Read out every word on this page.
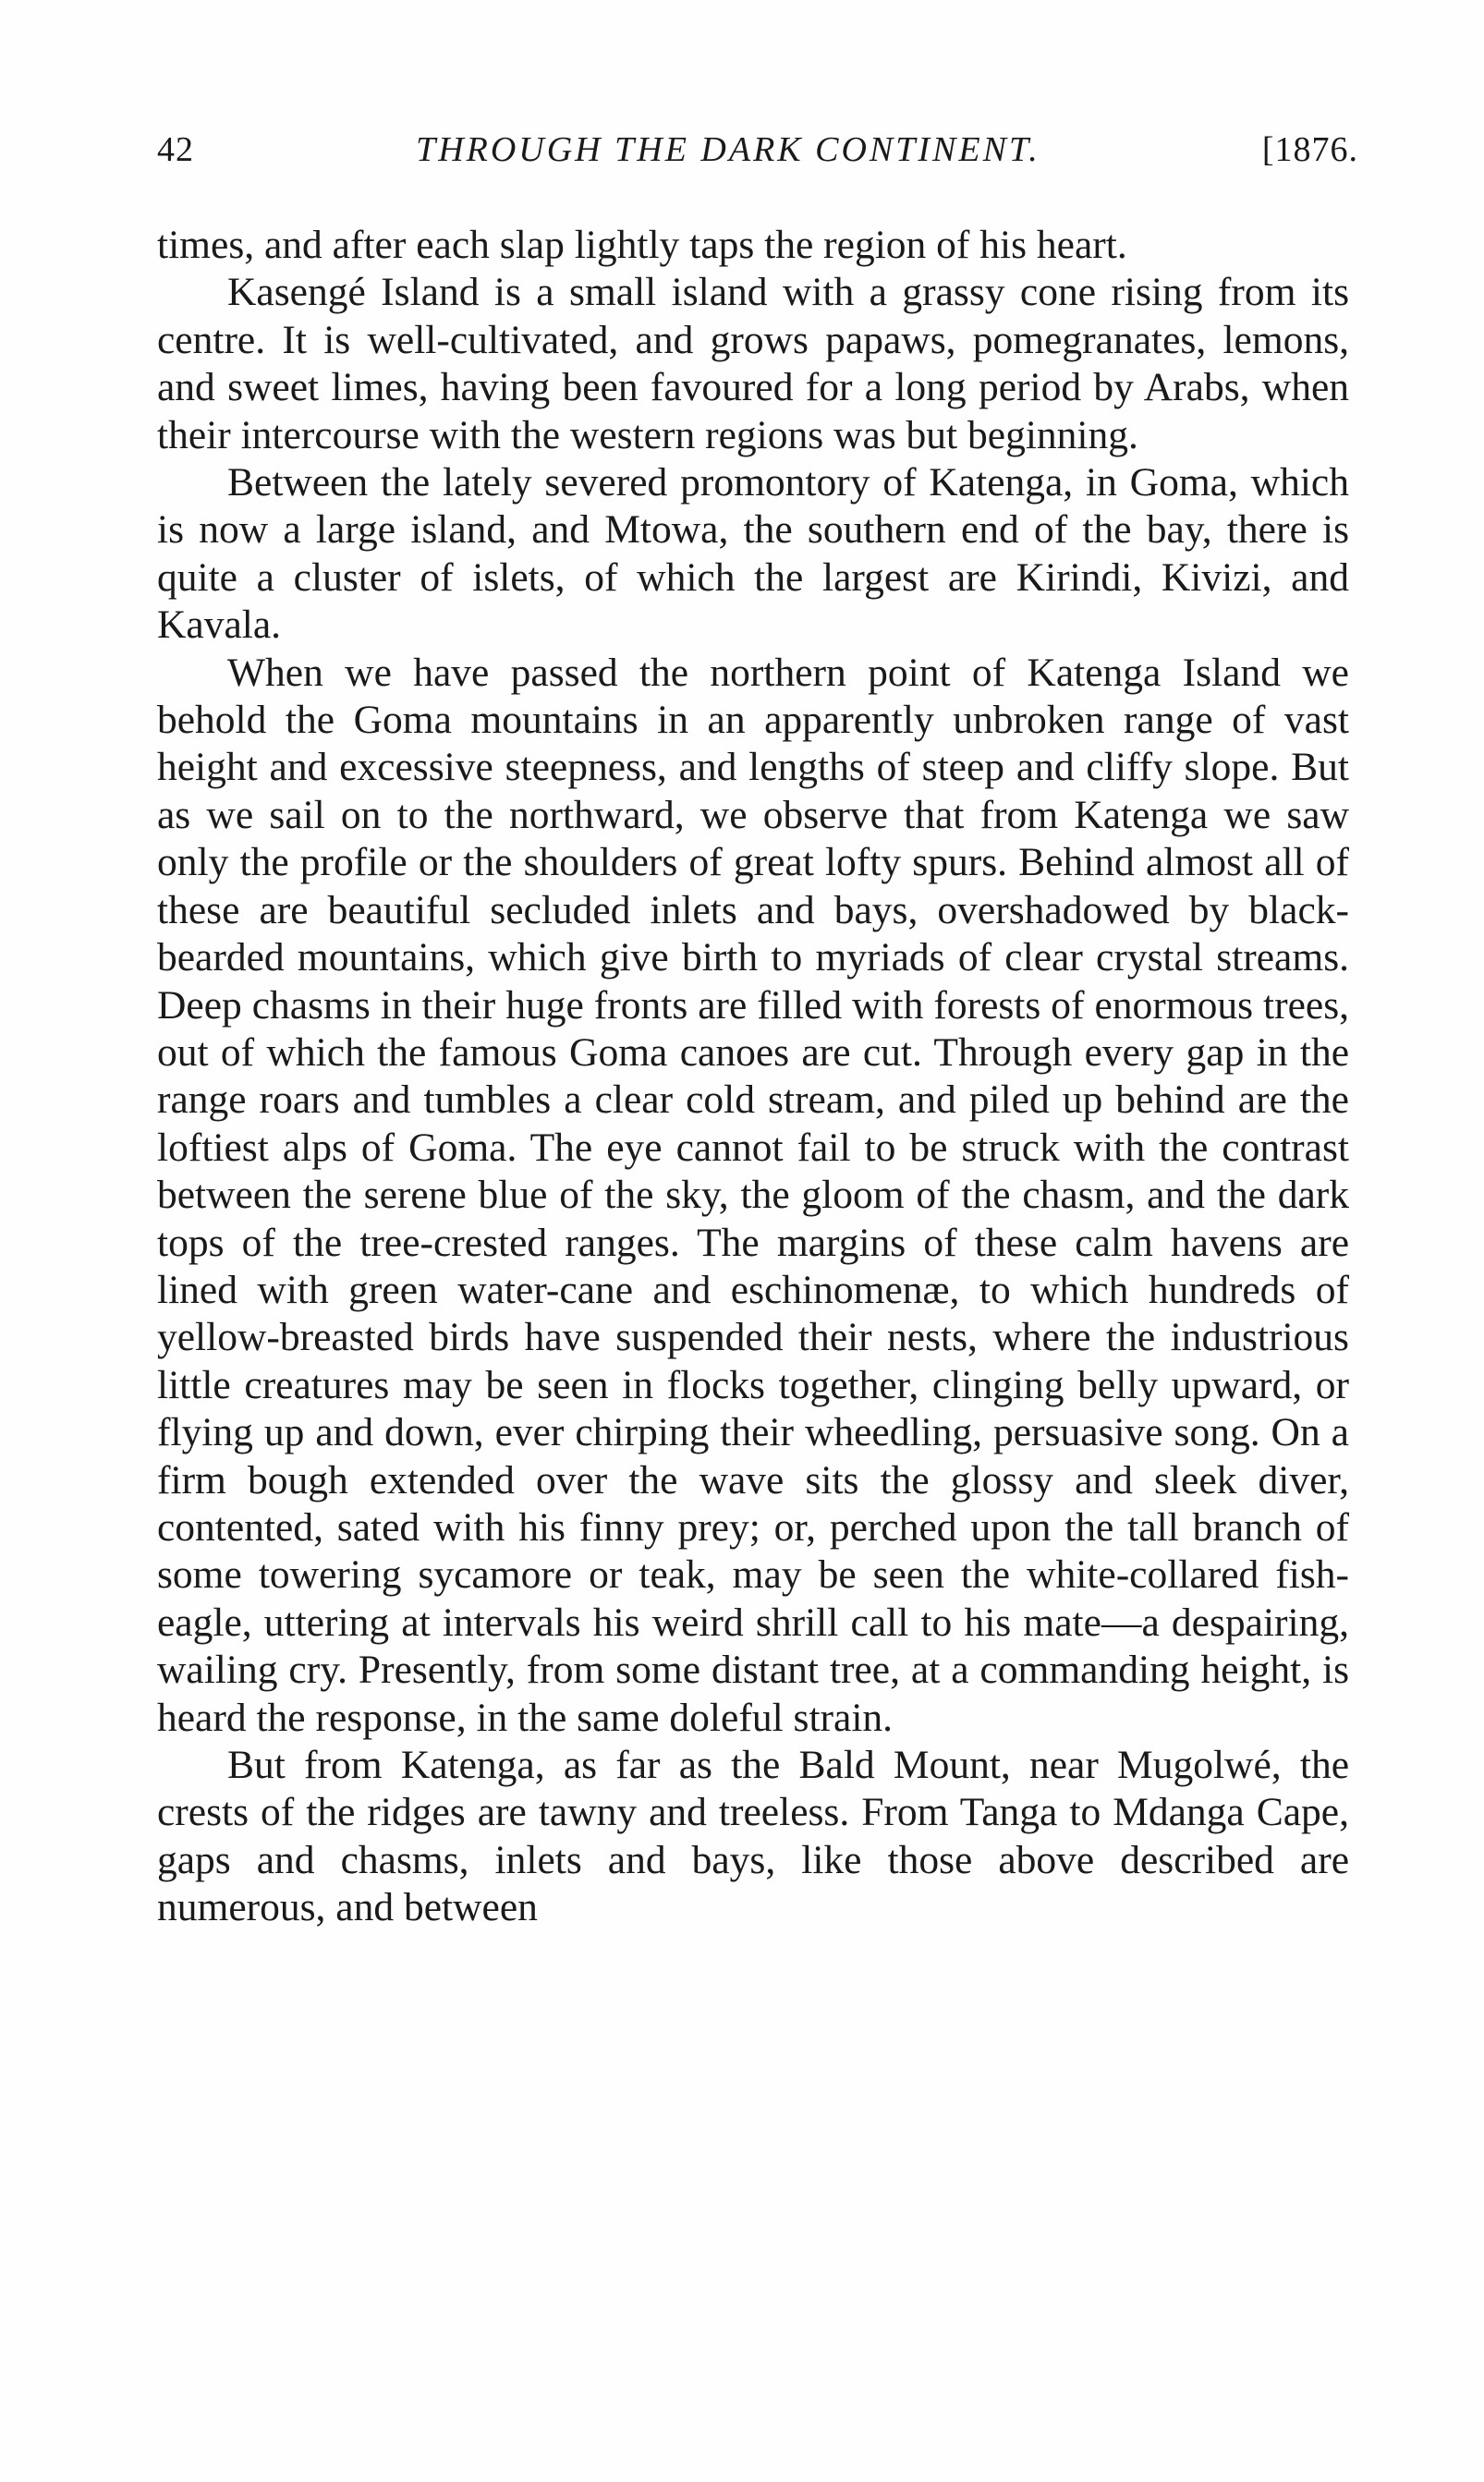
42	THROUGH THE DARK CONTINENT.	[1876.

times, and after each slap lightly taps the region of his heart.

Kasengé Island is a small island with a grassy cone rising from its centre. It is well-cultivated, and grows papaws, pomegranates, lemons, and sweet limes, having been favoured for a long period by Arabs, when their intercourse with the western regions was but beginning.

Between the lately severed promontory of Katenga, in Goma, which is now a large island, and Mtowa, the southern end of the bay, there is quite a cluster of islets, of which the largest are Kirindi, Kivizi, and Kavala.

When we have passed the northern point of Katenga Island we behold the Goma mountains in an apparently unbroken range of vast height and excessive steepness, and lengths of steep and cliffy slope. But as we sail on to the northward, we observe that from Katenga we saw only the profile or the shoulders of great lofty spurs. Behind almost all of these are beautiful secluded inlets and bays, overshadowed by black-bearded mountains, which give birth to myriads of clear crystal streams. Deep chasms in their huge fronts are filled with forests of enormous trees, out of which the famous Goma canoes are cut. Through every gap in the range roars and tumbles a clear cold stream, and piled up behind are the loftiest alps of Goma. The eye cannot fail to be struck with the contrast between the serene blue of the sky, the gloom of the chasm, and the dark tops of the tree-crested ranges. The margins of these calm havens are lined with green water-cane and eschinomenæ, to which hundreds of yellow-breasted birds have suspended their nests, where the industrious little creatures may be seen in flocks together, clinging belly upward, or flying up and down, ever chirping their wheedling, persuasive song. On a firm bough extended over the wave sits the glossy and sleek diver, contented, sated with his finny prey; or, perched upon the tall branch of some towering sycamore or teak, may be seen the white-collared fish-eagle, uttering at intervals his weird shrill call to his mate—a despairing, wailing cry. Presently, from some distant tree, at a commanding height, is heard the response, in the same doleful strain.

But from Katenga, as far as the Bald Mount, near Mugolwé, the crests of the ridges are tawny and treeless. From Tanga to Mdanga Cape, gaps and chasms, inlets and bays, like those above described are numerous, and between
